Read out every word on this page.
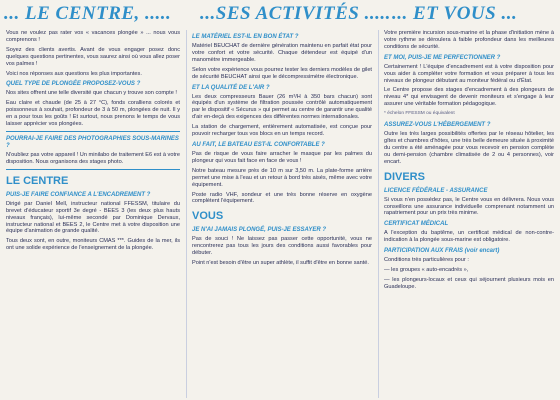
... LE CENTRE, ..... ...SES ACTIVITÉS ..... ... ET VOUS ...

Vous ne voulez pas rater vos « vacances plongée » ... nous vous comprenons !

Soyez des clients avertis. Avant de vous engager posez donc quelques questions pertinentes, vous saurez ainsi où vous allez poser vos palmes !

Voici nos réponses aux questions les plus importantes.

QUEL TYPE DE PLONGÉE PROPOSEZ-VOUS ?

Nos sites offrent une telle diversité que chacun y trouve son compte !

Eau claire et chaude (de 25 à 27 °C), fonds coralliens colorés et poissonneux à souhait, profondeur de 3 à 50 m, plongées de nuit. Il y en a pour tous les goûts ! Et surtout, nous prenons le temps de vous laisser apprécier vos plongées.

POURRAI-JE FAIRE DES PHOTOGRAPHIES SOUS-MARINES ?

N'oubliez pas votre appareil ! Un minilabo de traitement E6 est à votre disposition. Nous organisons des stages photo.

LE CENTRE
PUIS-JE FAIRE CONFIANCE A L'ENCADREMENT ?

Dirigé par Daniel Mell, instructeur national FFESSM, titulaire du brevet d'éducateur sportif 3e degré - BEES 3 (les deux plus hauts niveaux français), lui-même secondé par Dominique Dervaux, instructeur national et BEES 2, le Centre met à votre disposition une équipe d'animation de grande qualité.

Tous deux sont, en outre, moniteurs CMAS ***. Guides de la mer, ils ont une solide expérience de l'enseignement de la plongée.

LE MATÉRIEL EST-IL EN BON ÉTAT ?

Matériel BEUCHAT de dernière génération maintenu en parfait état pour votre confort et votre sécurité. Chaque détendeur est équipé d'un manomètre immergeable.

Selon votre expérience vous pourrez tester les derniers modèles de gilet de sécurité BEUCHAT ainsi que le décompressimètre électronique.

ET LA QUALITÉ DE L'AIR ?

Les deux compresseurs Bauer (26 m³/H à 350 bars chacun) sont équipés d'un système de filtration poussée contrôlé automatiquement par le dispositif « Sécurus » qui permet au centre de garantir une qualité d'air en-deçà des exigences des différentes normes internationales.

La station de chargement, entièrement automatisée, est conçue pour pouvoir recharger tous vos blocs en un temps record.

AU FAIT, LE BATEAU EST-IL CONFORTABLE ?

Pas de risque de vous faire arracher le masque par les palmes du plongeur qui vous fait face en face de vous !

Notre bateau mesure près de 10 m sur 3,50 m. La plate-forme arrière permet une mise à l'eau et un retour à bord très aisés, même avec votre équipement.

Poste radio VHF, sondeur et une très bonne réserve en oxygène complètent l'équipement.

VOUS
JE N'AI JAMAIS PLONGÉ, PUIS-JE ESSAYER ?

Pas de souci ! Ne laissez pas passer cette opportunité, vous ne rencontrerez pas tous les jours des conditions aussi favorables pour débuter.

Point n'est besoin d'être un super athlète, il suffit d'être en bonne santé.

Votre première incursion sous-marine et la phase d'initiation mène à votre rythme se déroulera à faible profondeur dans les meilleures conditions de sécurité.

ET MOI, PUIS-JE ME PERFECTIONNER ?

Certainement ! L'équipe d'encadrement est à votre disposition pour vous aider à compléter votre formation et vous préparer à tous les niveaux de plongeur débutant au moniteur fédéral ou d'État.

Le Centre propose des stages d'encadrement à des plongeurs de niveau 4* qui envisagent de devenir moniteurs et s'engage à leur assurer une véritable formation pédagogique.

* échelon FFESSM ou équivalent

ASSUREZ-VOUS L'HÉBERGEMENT ?

Outre les très larges possibilités offertes par le réseau hôtelier, les gîtes et chambres d'hôtes, une très belle demeure située à proximité du centre a été aménagée pour vous recevoir en pension complète ou demi-pension (chambre climatisée de 2 ou 4 personnes), voir encart.

DIVERS
LICENCE FÉDÉRALE - ASSURANCE

Si vous n'en possédez pas, le Centre vous en délivrera. Nous vous conseillons une assurance individuelle comprenant notamment un rapatriement pour un prix très minime.

CERTIFICAT MÉDICAL

A l'exception du baptême, un certificat médical de non-contre-indication à la plongée sous-marine est obligatoire.

PARTICIPATION AUX FRAIS (voir encart)

Conditions très particulières pour :

— les groupes « auto-encadrés »,

— les plongeurs-locaux et ceux qui séjournent plusieurs mois en Guadeloupe.
